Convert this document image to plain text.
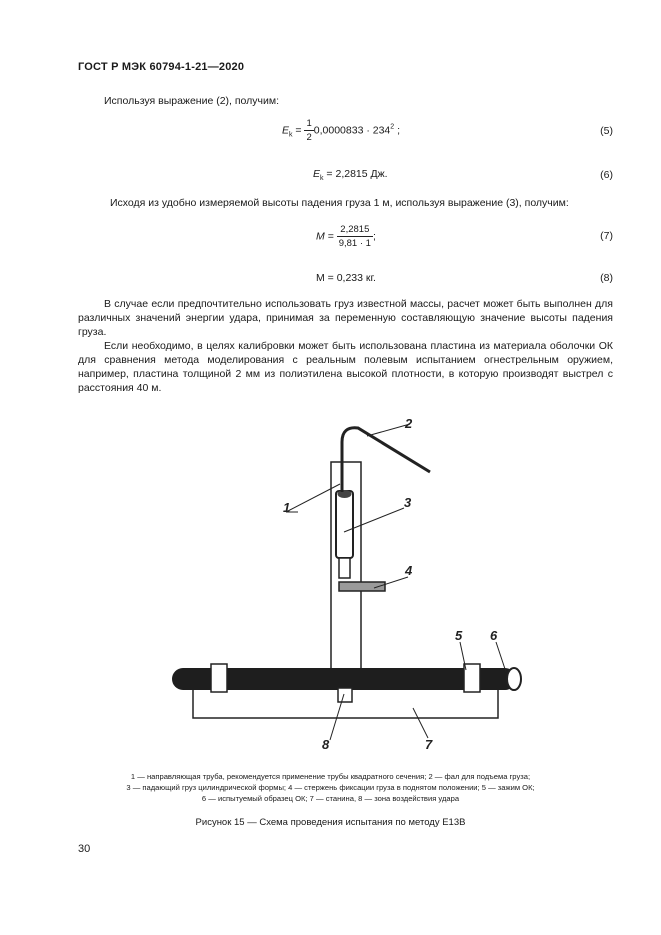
ГОСТ Р МЭК 60794-1-21—2020
Используя выражение (2), получим:
$E_k = \frac{1}{2} 0,0000833 \cdot 234^2$ ;	(5)
$E_k = 2,2815$ Дж.	(6)
Исходя из удобно измеряемой высоты падения груза 1 м, используя выражение (3), получим:
$M = \frac{2,2815}{9,81 \cdot 1}$ ;	(7)
M = 0,233 кг.	(8)
В случае если предпочтительно использовать груз известной массы, расчет может быть выполнен для различных значений энергии удара, принимая за переменную составляющую значение высоты падения груза.
Если необходимо, в целях калибровки может быть использована пластина из материала оболочки ОК для сравнения метода моделирования с реальным полевым испытанием огнестрельным оружием, например, пластина толщиной 2 мм из полиэтилена высокой плотности, в которую производят выстрел с расстояния 40 м.
1
2
3
4
5 6
7
8
1 — направляющая труба, рекомендуется применение трубы квадратного сечения; 2 — фал для подъема груза;
3 — падающий груз цилиндрической формы; 4 — стержень фиксации груза в поднятом положении; 5 — зажим ОК;
6 — испытуемый образец ОК; 7 — станина, 8 — зона воздействия удара
Рисунок 15 — Схема проведения испытания по методу Е13В
30
